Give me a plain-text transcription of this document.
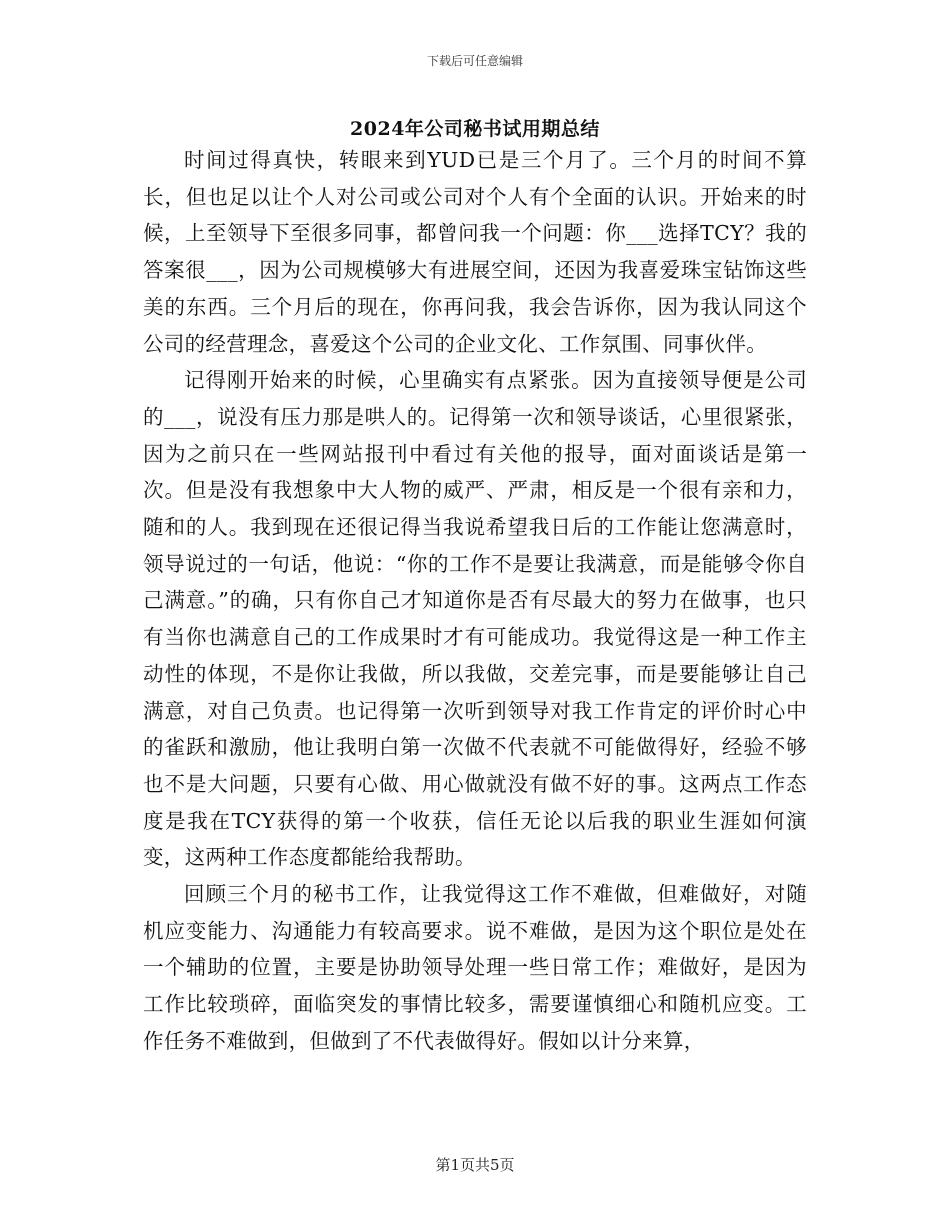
下载后可任意编辑
2024年公司秘书试用期总结

时间过得真快，转眼来到YUD已是三个月了。三个月的时间不算长，但也足以让个人对公司或公司对个人有个全面的认识。开始来的时候，上至领导下至很多同事，都曾问我一个问题：你___选择TCY？我的答案很___，因为公司规模够大有进展空间，还因为我喜爱珠宝钻饰这些美的东西。三个月后的现在，你再问我，我会告诉你，因为我认同这个公司的经营理念，喜爱这个公司的企业文化、工作氛围、同事伙伴。

记得刚开始来的时候，心里确实有点紧张。因为直接领导便是公司的___，说没有压力那是哄人的。记得第一次和领导谈话，心里很紧张，因为之前只在一些网站报刊中看过有关他的报导，面对面谈话是第一次。但是没有我想象中大人物的威严、严肃，相反是一个很有亲和力，随和的人。我到现在还很记得当我说希望我日后的工作能让您满意时，领导说过的一句话，他说：“你的工作不是要让我满意，而是能够令你自己满意。”的确，只有你自己才知道你是否有尽最大的努力在做事，也只有当你也满意自己的工作成果时才有可能成功。我觉得这是一种工作主动性的体现，不是你让我做，所以我做，交差完事，而是要能够让自己满意，对自己负责。也记得第一次听到领导对我工作肯定的评价时心中的雀跃和激励，他让我明白第一次做不代表就不可能做得好，经验不够也不是大问题，只要有心做、用心做就没有做不好的事。这两点工作态度是我在TCY获得的第一个收获，信任无论以后我的职业生涯如何演变，这两种工作态度都能给我帮助。

回顾三个月的秘书工作，让我觉得这工作不难做，但难做好，对随机应变能力、沟通能力有较高要求。说不难做，是因为这个职位是处在一个辅助的位置，主要是协助领导处理一些日常工作；难做好，是因为工作比较琐碎，面临突发的事情比较多，需要谨慎细心和随机应变。工作任务不难做到，但做到了不代表做得好。假如以计分来算，

第1页共5页
